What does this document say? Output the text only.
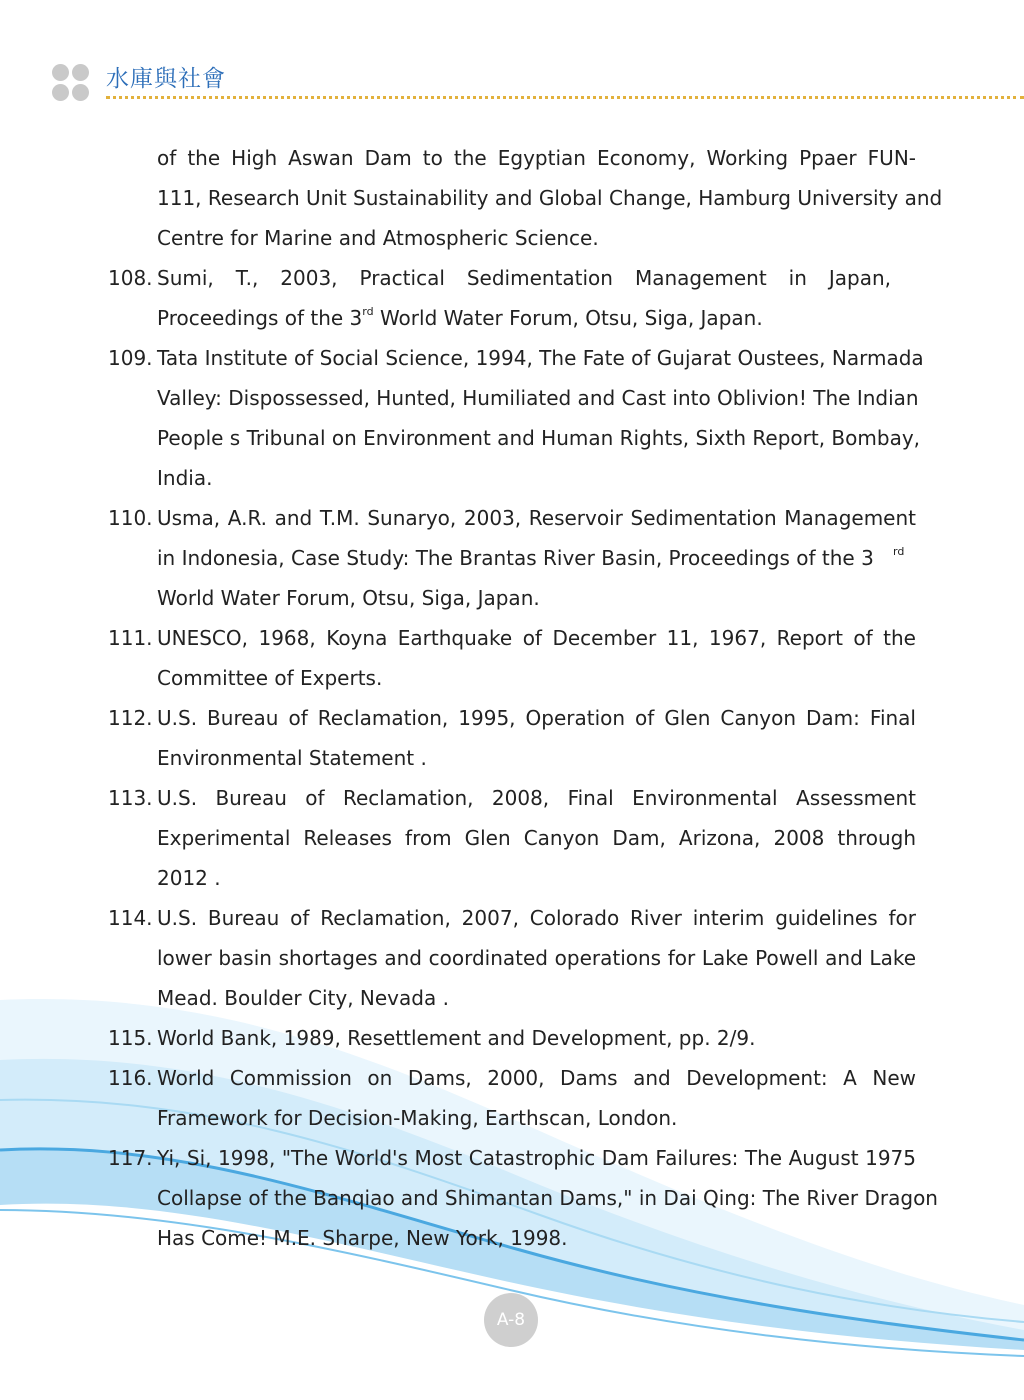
水庫與社會
of the High Aswan Dam to the Egyptian Economy, Working Ppaer FUN-
111, Research Unit Sustainability and Global Change, Hamburg University and
Centre for Marine and Atmospheric Science.
108. Sumi, T., 2003, Practical Sedimentation Management in Japan,
Proceedings of the 3rd World Water Forum, Otsu, Siga, Japan.
109. Tata Institute of Social Science, 1994, The Fate of Gujarat Oustees, Narmada
Valley: Dispossessed, Hunted, Humiliated and Cast into Oblivion! The Indian
People s Tribunal on Environment and Human Rights, Sixth Report, Bombay,
India.
110. Usma, A.R. and T.M. Sunaryo, 2003, Reservoir Sedimentation Management
in Indonesia, Case Study: The Brantas River Basin, Proceedings of the 3 $^{rd}$
World Water Forum, Otsu, Siga, Japan.
111. UNESCO, 1968, Koyna Earthquake of December 11, 1967, Report of the
Committee of Experts.
112. U.S. Bureau of Reclamation, 1995, Operation of Glen Canyon Dam: Final
Environmental Statement .
113. U.S. Bureau of Reclamation, 2008, Final Environmental Assessment
Experimental Releases from Glen Canyon Dam, Arizona, 2008 through
2012 .
114. U.S. Bureau of Reclamation, 2007, Colorado River interim guidelines for
lower basin shortages and coordinated operations for Lake Powell and Lake
Mead. Boulder City, Nevada .
115. World Bank, 1989, Resettlement and Development, pp. 2/9.
116. World Commission on Dams, 2000, Dams and Development: A New
Framework for Decision-Making, Earthscan, London.
117. Yi, Si, 1998, "The World's Most Catastrophic Dam Failures: The August 1975
Collapse of the Banqiao and Shimantan Dams," in Dai Qing: The River Dragon
Has Come! M.E. Sharpe, New York, 1998.
A-8
